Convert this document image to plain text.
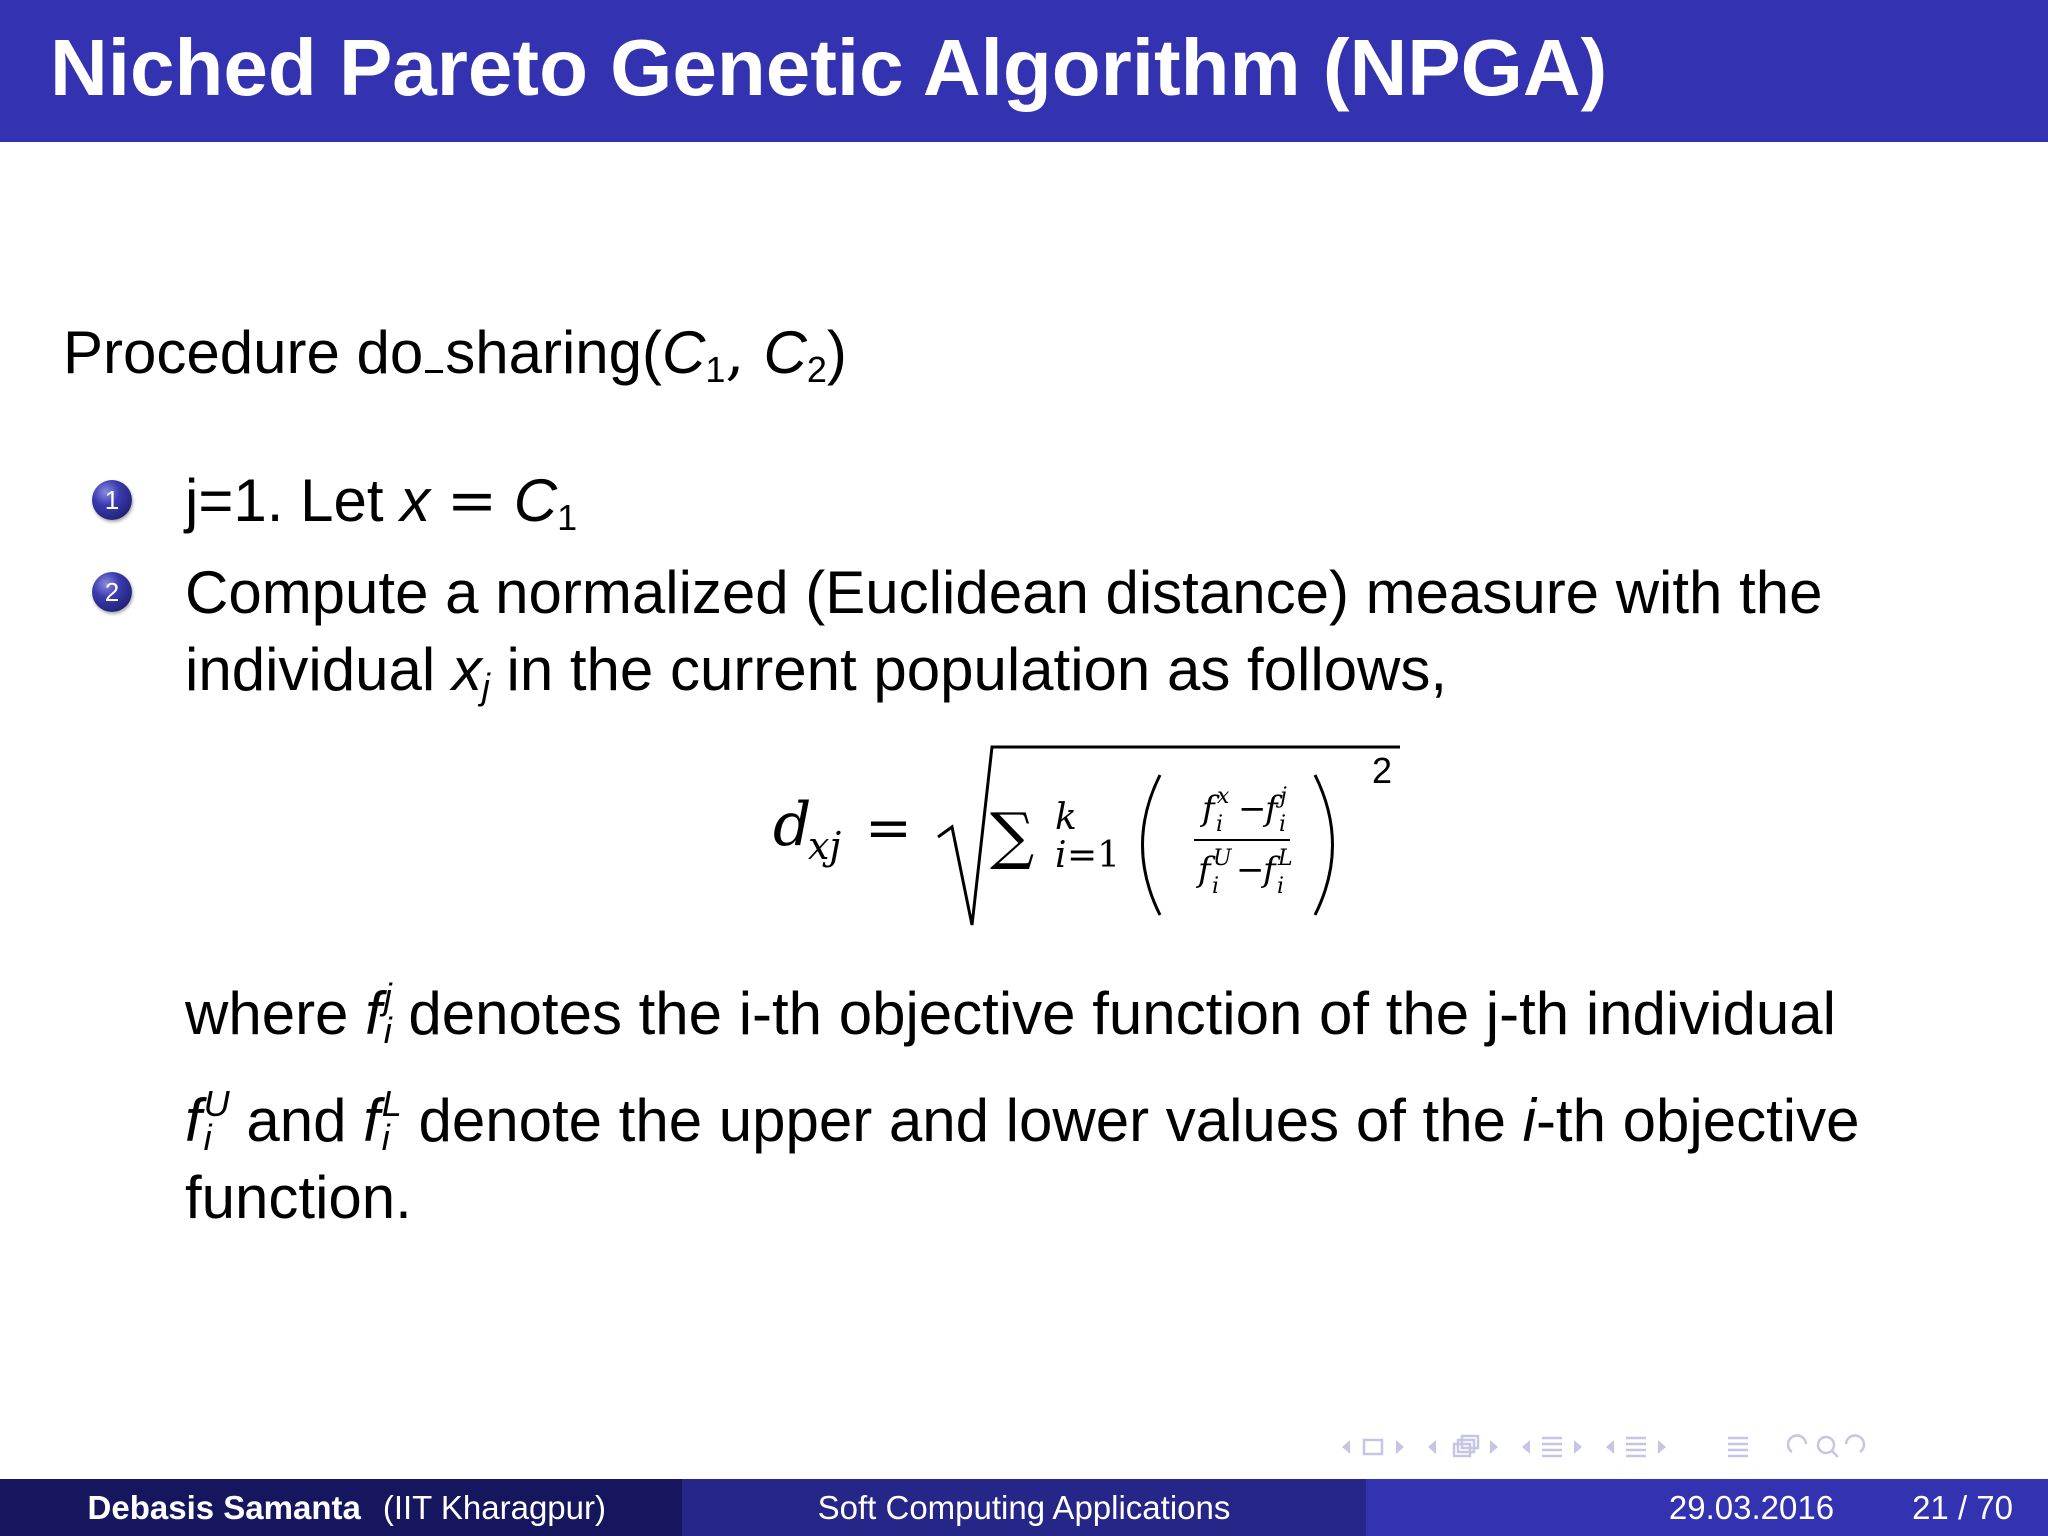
Niched Pareto Genetic Algorithm (NPGA)
Procedure do $sharing(C_1$, $C_2$)
1 j=1. Let $x = C_1$
2 Compute a normalized (Euclidean distance) measure with the
individual $x_j$ in the current population as follows,
d
xj = ∑ k
i =1
f x
i −
f j
i
f U
i −
f L
i
2
where f j
i denotes the i-th objective function of the j-th individual
f U
i and f L
i denote the upper and lower values of the i-th objective
function.
Debasis Samanta (IIT Kharagpur)	Soft Computing Applications	29.03.2016 21 / 70
